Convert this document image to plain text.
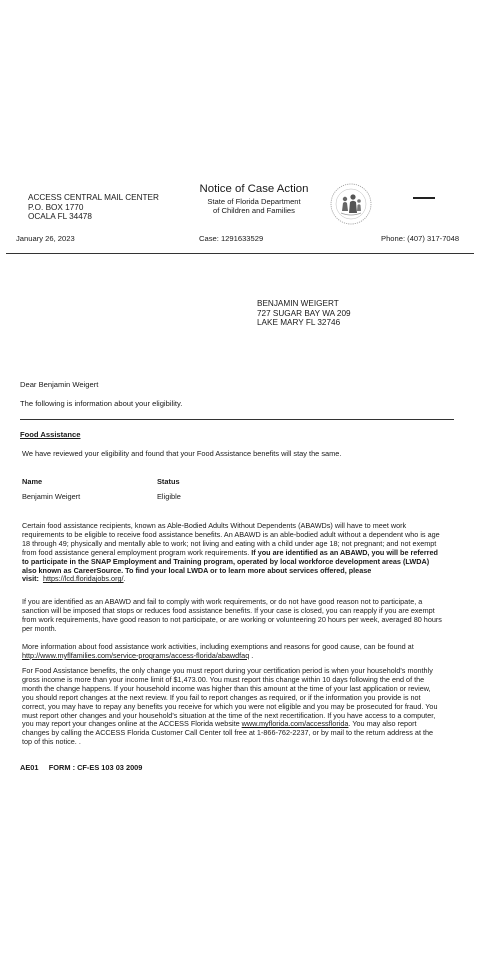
ACCESS CENTRAL MAIL CENTER
P.O. BOX 1770
OCALA FL 34478
Notice of Case Action
State of Florida Department
of Children and Families
January 26, 2023	Case: 1291633529	Phone: (407) 317-7048
BENJAMIN WEIGERT
727 SUGAR BAY WA 209
LAKE MARY FL 32746
Dear Benjamin Weigert
The following is information about your eligibility.
Food Assistance
We have reviewed your eligibility and found that your Food Assistance benefits will stay the same.
Name	Status
Benjamin Weigert	Eligible
Certain food assistance recipients, known as Able-Bodied Adults Without Dependents (ABAWDs) will have to meet work requirements to be eligible to receive food assistance benefits. An ABAWD is an able-bodied adult without a dependent who is age 18 through 49; physically and mentally able to work; not living and eating with a child under age 18; not pregnant; and not exempt from food assistance general employment program work requirements. If you are identified as an ABAWD, you will be referred to participate in the SNAP Employment and Training program, operated by local workforce development areas (LWDA) also known as CareerSource. To find your local LWDA or to learn more about services offered, please visit: https://lcd.floridajobs.org/.
If you are identified as an ABAWD and fail to comply with work requirements, or do not have good reason not to participate, a sanction will be imposed that stops or reduces food assistance benefits. If your case is closed, you can reapply if you are exempt from work requirements, have good reason to not participate, or are working or volunteering 20 hours per week, averaged 80 hours per month.
More information about food assistance work activities, including exemptions and reasons for good cause, can be found at http://www.myflfamilies.com/service-programs/access-florida/abawdfaq .
For Food Assistance benefits, the only change you must report during your certification period is when your household's monthly gross income is more than your income limit of $1,473.00. You must report this change within 10 days following the end of the month the change happens. If your household income was higher than this amount at the time of your last application or review, you should report changes at the next review. If you fail to report changes as required, or if the information you provide is not correct, you may have to repay any benefits you receive for which you were not eligible and you may be prosecuted for fraud. You must report other changes and your household's situation at the time of the next recertification. If you have access to a computer, you may report your changes online at the ACCESS Florida website www.myflorida.com/accessflorida. You may also report changes by calling the ACCESS Florida Customer Call Center toll free at 1-866-762-2237, or by mail to the return address at the top of this notice. .
AE01     FORM : CF-ES 103 03 2009
